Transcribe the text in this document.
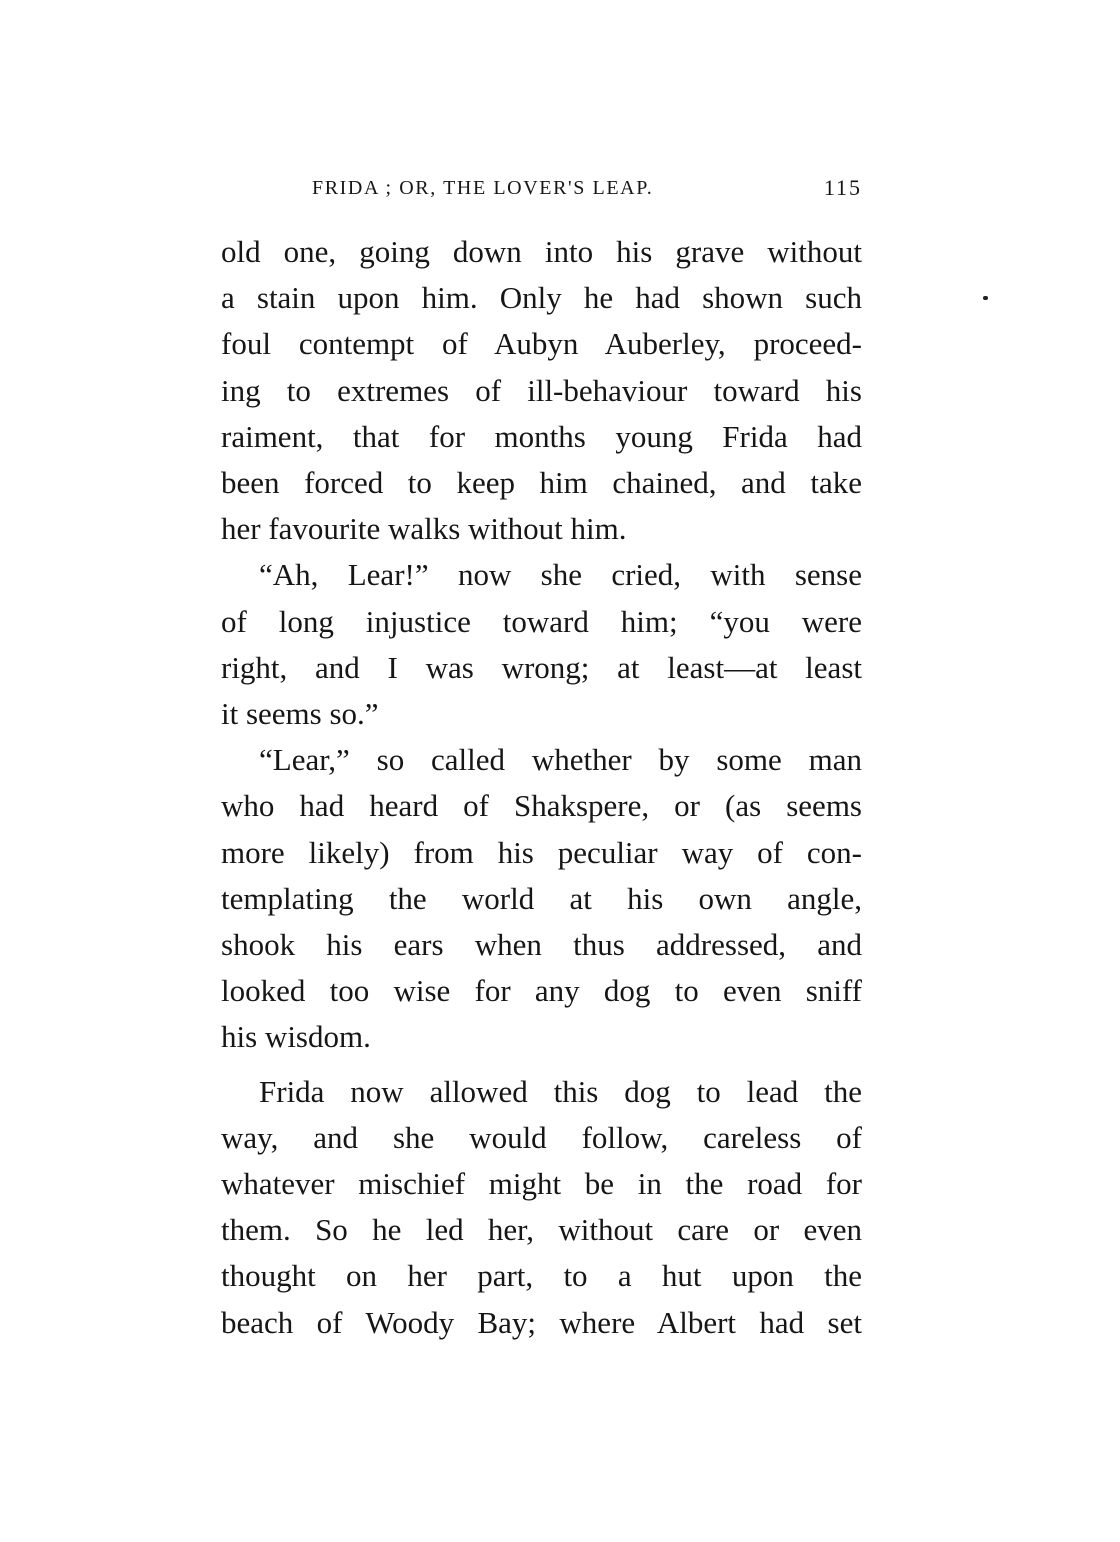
FRIDA ; OR, THE LOVER'S LEAP.	115

old one, going down into his grave without
a stain upon him. Only he had shown such
foul contempt of Aubyn Auberley, proceed-
ing to extremes of ill-behaviour toward his
raiment, that for months young Frida had
been forced to keep him chained, and take
her favourite walks without him.

“Ah, Lear!” now she cried, with sense
of long injustice toward him; “you were
right, and I was wrong; at least—at least
it seems so.”

“Lear,” so called whether by some man
who had heard of Shakspere, or (as seems
more likely) from his peculiar way of con-
templating the world at his own angle,
shook his ears when thus addressed, and
looked too wise for any dog to even sniff
his wisdom.

Frida now allowed this dog to lead the
way, and she would follow, careless of
whatever mischief might be in the road for
them. So he led her, without care or even
thought on her part, to a hut upon the
beach of Woody Bay; where Albert had set
